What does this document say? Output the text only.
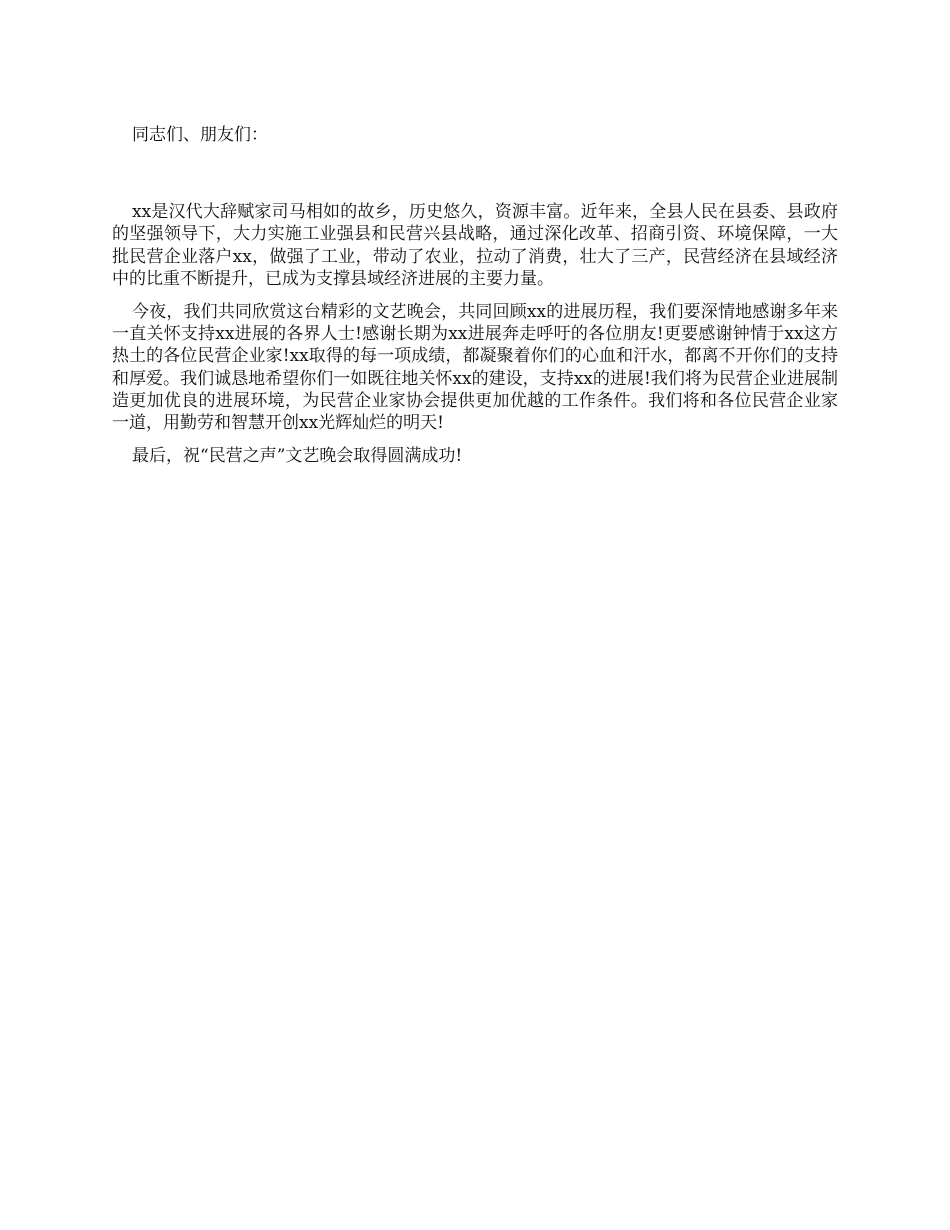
同志们、朋友们：

xx是汉代大辞赋家司马相如的故乡，历史悠久，资源丰富。近年来，全县人民在县委、县政府的坚强领导下，大力实施工业强县和民营兴县战略，通过深化改革、招商引资、环境保障，一大批民营企业落户xx，做强了工业，带动了农业，拉动了消费，壮大了三产，民营经济在县域经济中的比重不断提升，已成为支撑县域经济进展的主要力量。

今夜，我们共同欣赏这台精彩的文艺晚会，共同回顾xx的进展历程，我们要深情地感谢多年来一直关怀支持xx进展的各界人士!感谢长期为xx进展奔走呼吁的各位朋友!更要感谢钟情于xx这方热土的各位民营企业家!xx取得的每一项成绩，都凝聚着你们的心血和汗水，都离不开你们的支持和厚爱。我们诚恳地希望你们一如既往地关怀xx的建设，支持xx的进展!我们将为民营企业进展制造更加优良的进展环境，为民营企业家协会提供更加优越的工作条件。我们将和各位民营企业家一道，用勤劳和智慧开创xx光辉灿烂的明天!

最后，祝“民营之声”文艺晚会取得圆满成功!
